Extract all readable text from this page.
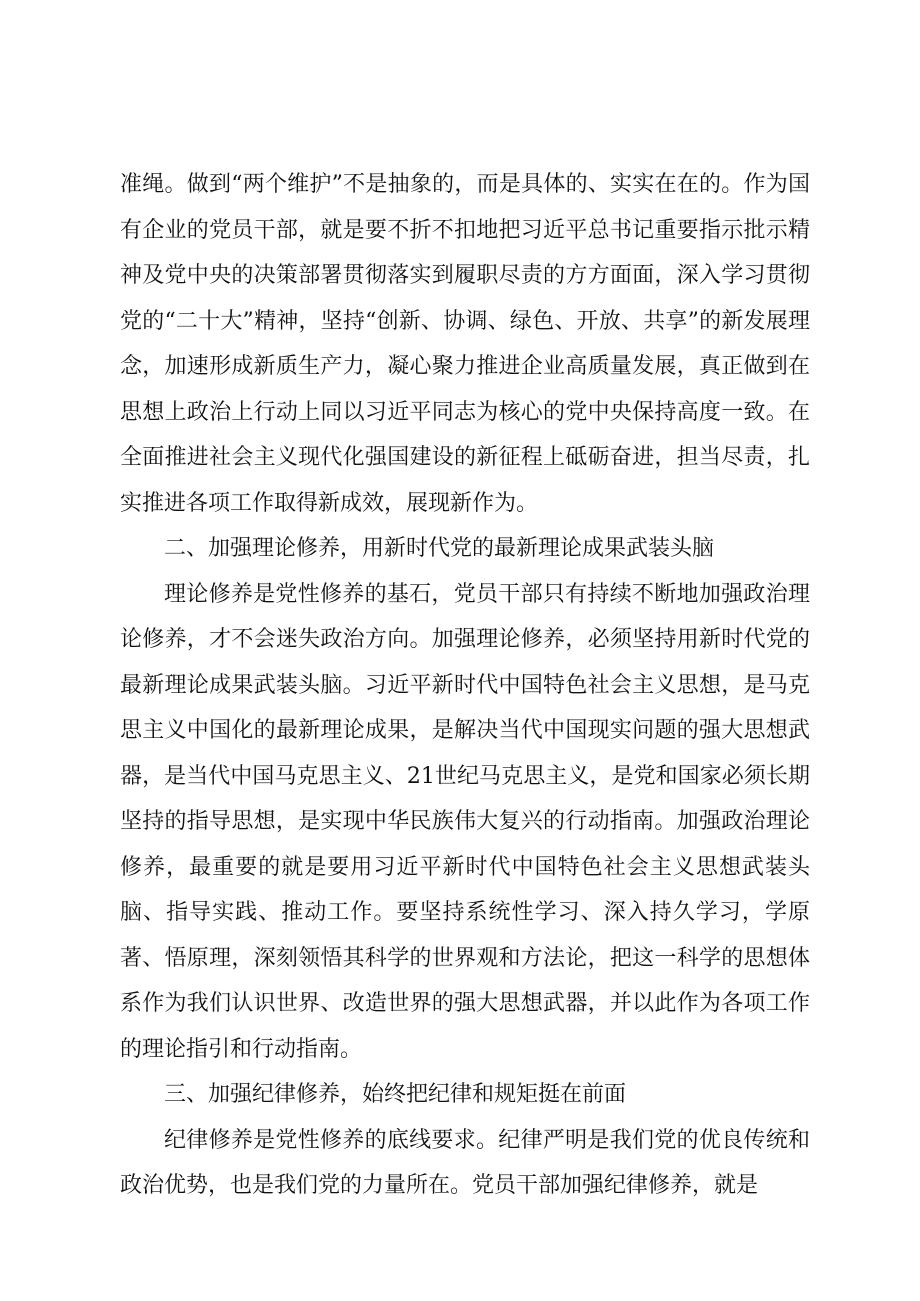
准绳。做到“两个维护”不是抽象的，而是具体的、实实在在的。作为国有企业的党员干部，就是要不折不扣地把习近平总书记重要指示批示精神及党中央的决策部署贯彻落实到履职尽责的方方面面，深入学习贯彻党的“二十大”精神，坚持“创新、协调、绿色、开放、共享”的新发展理念，加速形成新质生产力，凝心聚力推进企业高质量发展，真正做到在思想上政治上行动上同以习近平同志为核心的党中央保持高度一致。在全面推进社会主义现代化强国建设的新征程上砥砺奋进，担当尽责，扎实推进各项工作取得新成效，展现新作为。

二、加强理论修养，用新时代党的最新理论成果武装头脑

理论修养是党性修养的基石，党员干部只有持续不断地加强政治理论修养，才不会迷失政治方向。加强理论修养，必须坚持用新时代党的最新理论成果武装头脑。习近平新时代中国特色社会主义思想，是马克思主义中国化的最新理论成果，是解决当代中国现实问题的强大思想武器，是当代中国马克思主义、21世纪马克思主义，是党和国家必须长期坚持的指导思想，是实现中华民族伟大复兴的行动指南。加强政治理论修养，最重要的就是要用习近平新时代中国特色社会主义思想武装头脑、指导实践、推动工作。要坚持系统性学习、深入持久学习，学原著、悟原理，深刻领悟其科学的世界观和方法论，把这一科学的思想体系作为我们认识世界、改造世界的强大思想武器，并以此作为各项工作的理论指引和行动指南。

三、加强纪律修养，始终把纪律和规矩挺在前面

纪律修养是党性修养的底线要求。纪律严明是我们党的优良传统和政治优势，也是我们党的力量所在。党员干部加强纪律修养，就是
